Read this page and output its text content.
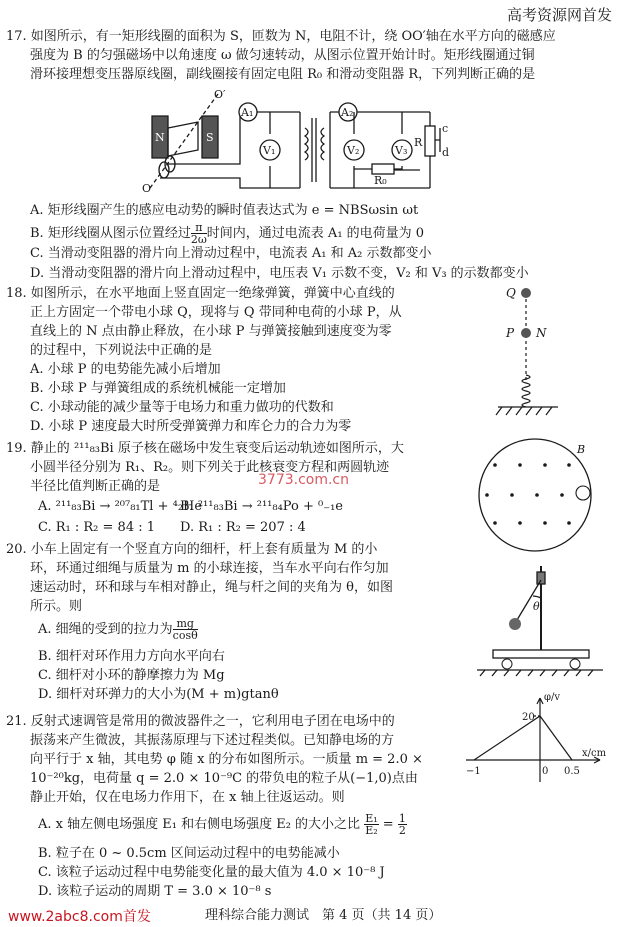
高考资源网首发
17. 如图所示，有一矩形线圈的面积为 S，匝数为 N，电阻不计，绕 OO′轴在水平方向的磁感应
强度为 B 的匀强磁场中以角速度 ω 做匀速转动，从图示位置开始计时。矩形线圈通过铜
滑环接理想变压器原线圈，副线圈接有固定电阻 R₀ 和滑动变阻器 R，下列判断正确的是
O′
O
N	S
A₁
V₁
A₂
V₂	V₃
R₀
R
c
d
A. 矩形线圈产生的感应电动势的瞬时值表达式为 e = NBSωsin ωt
B. 矩形线圈从图示位置经过 $\frac{\pi}{2\omega}$ 时间内，通过电流表 A₁ 的电荷量为 0
C. 当滑动变阻器的滑片向上滑动过程中，电流表 A₁ 和 A₂ 示数都变小
D. 当滑动变阻器的滑片向上滑动过程中，电压表 V₁ 示数不变，V₂ 和 V₃ 的示数都变小
18. 如图所示，在水平地面上竖直固定一绝缘弹簧，弹簧中心直线的
正上方固定一个带电小球 Q，现将与 Q 带同种电荷的小球 P，从
直线上的 N 点由静止释放，在小球 P 与弹簧接触到速度变为零
的过程中，下列说法中正确的是
A. 小球 P 的电势能先减小后增加
B. 小球 P 与弹簧组成的系统机械能一定增加
C. 小球动能的减少量等于电场力和重力做功的代数和
D. 小球 P 速度最大时所受弹簧弹力和库仑力的合力为零
Q
P N
19. 静止的 ²¹¹₈₃Bi 原子核在磁场中发生衰变后运动轨迹如图所示，大
小圆半径分别为 R₁、R₂。则下列关于此核衰变方程和两圆轨迹
半径比值判断正确的是
A. ²¹¹₈₃Bi → ²⁰⁷₈₁Tl + ⁴₂He
B. ²¹¹₈₃Bi → ²¹¹₈₄Po + ⁰₋₁e
C. R₁ : R₂ = 84 : 1 D. R₁ : R₂ = 207 : 4
B
3773.com.cn
20. 小车上固定有一个竖直方向的细杆，杆上套有质量为 M 的小
环，环通过细绳与质量为 m 的小球连接，当车水平向右作匀加
速运动时，环和球与车相对静止，绳与杆之间的夹角为 θ，如图
所示。则
A. 细绳的受到的拉力为 $\frac{mg}{\cos\theta}$
B. 细杆对环作用力方向水平向右
C. 细杆对小环的静摩擦力为 Mg
D. 细杆对环弹力的大小为(M + m)gtanθ
θ
21. 反射式速调管是常用的微波器件之一，它利用电子团在电场中的
振荡来产生微波，其振荡原理与下述过程类似。已知静电场的方
向平行于 x 轴，其电势 φ 随 x 的分布如图所示。一质量 m = 2.0 ×
10⁻²⁰kg，电荷量 q = 2.0 × 10⁻⁹C 的带负电的粒子从(−1,0)点由
静止开始，仅在电场力作用下，在 x 轴上往返运动。则
A. x 轴左侧电场强度 E₁ 和右侧电场强度 E₂ 的大小之比 $\frac{\text{E₁}}{\text{E₂}} = \frac{1}{2}$
B. 粒子在 0 ~ 0.5cm 区间运动过程中的电势能减小
C. 该粒子运动过程中电势能变化量的最大值为 4.0 × 10⁻⁸ J
D. 该粒子运动的周期 T = 3.0 × 10⁻⁸ s
φ/v
20
−1	0 0.5
x/cm
理科综合能力测试　第 4 页（共 14 页）
www.2abc8.com首发
